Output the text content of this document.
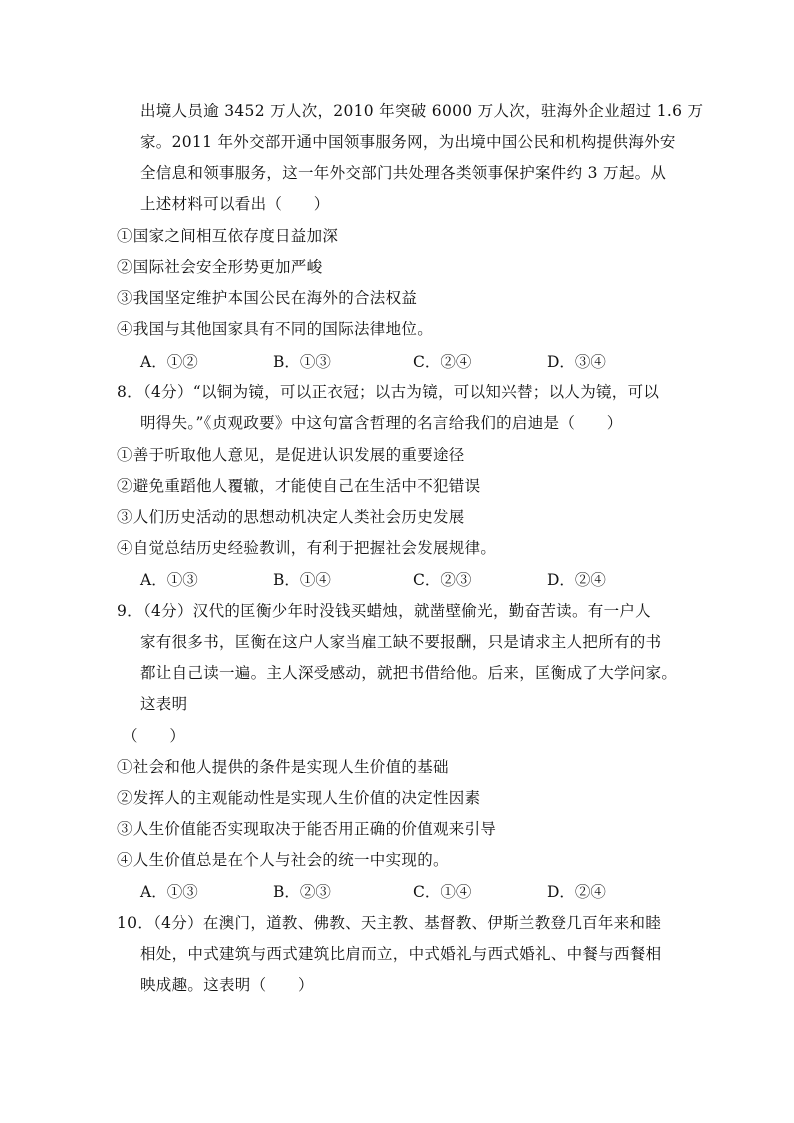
出境人员逾 3452 万人次，2010 年突破 6000 万人次，驻海外企业超过 1.6 万
家。2011 年外交部开通中国领事服务网，为出境中国公民和机构提供海外安
全信息和领事服务，这一年外交部门共处理各类领事保护案件约 3 万起。从
上述材料可以看出（　　）
①国家之间相互依存度日益加深
②国际社会安全形势更加严峻
③我国坚定维护本国公民在海外的合法权益
④我国与其他国家具有不同的国际法律地位。
A．①②	B．①③	C．②④	D．③④
8．（4分）“以铜为镜，可以正衣冠；以古为镜，可以知兴替；以人为镜，可以
明得失。”《贞观政要》中这句富含哲理的名言给我们的启迪是（　　）
①善于听取他人意见，是促进认识发展的重要途径
②避免重蹈他人覆辙，才能使自己在生活中不犯错误
③人们历史活动的思想动机决定人类社会历史发展
④自觉总结历史经验教训，有利于把握社会发展规律。
A．①③	B．①④	C．②③	D．②④
9．（4分）汉代的匡衡少年时没钱买蜡烛，就凿壁偷光，勤奋苦读。有一户人
家有很多书，匡衡在这户人家当雇工缺不要报酬，只是请求主人把所有的书
都让自己读一遍。主人深受感动，就把书借给他。后来，匡衡成了大学问家。
这表明
（　　）
①社会和他人提供的条件是实现人生价值的基础
②发挥人的主观能动性是实现人生价值的决定性因素
③人生价值能否实现取决于能否用正确的价值观来引导
④人生价值总是在个人与社会的统一中实现的。
A．①③	B．②③	C．①④	D．②④
10．（4分）在澳门，道教、佛教、天主教、基督教、伊斯兰教登几百年来和睦
相处，中式建筑与西式建筑比肩而立，中式婚礼与西式婚礼、中餐与西餐相
映成趣。这表明（　　）
